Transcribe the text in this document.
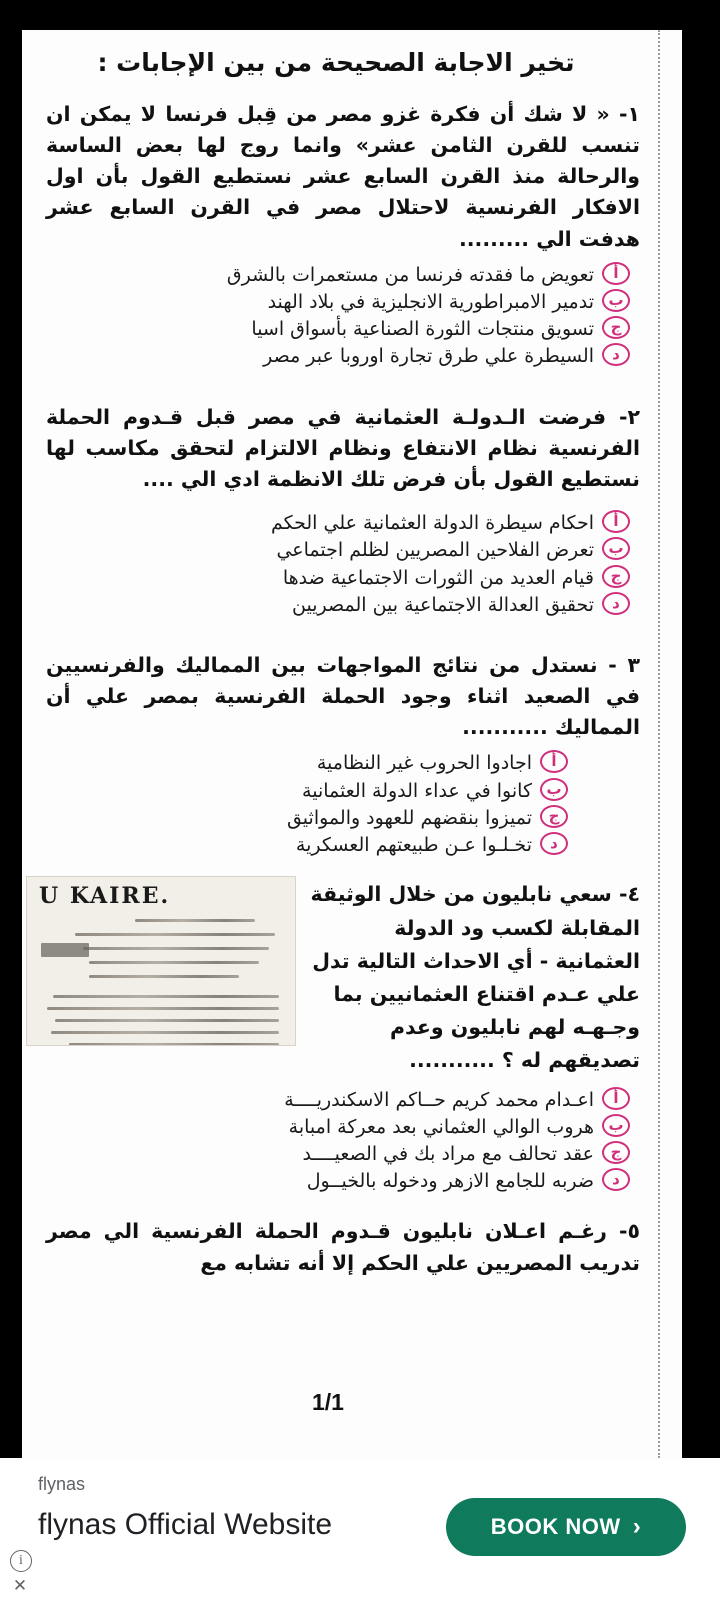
تخير الاجابة الصحيحة من بين الإجابات :

١- « لا شك أن فكرة غزو مصر من قِبل فرنسا لا يمكن ان تنسب للقرن الثامن عشر» وانما روج لها بعض الساسة والرحالة منذ القرن السابع عشر نستطيع القول بأن اول الافكار الفرنسية لاحتلال مصر في القرن السابع عشر هدفت الي .........

أ
تعويض ما فقدته فرنسا من مستعمرات بالشرق
ب
تدمير الامبراطورية الانجليزية في بلاد الهند
ج
تسويق منتجات الثورة الصناعية بأسواق اسيا
د
السيطرة علي طرق تجارة اوروبا عبر مصر

٢- فرضت الـدولـة العثمانية في مصر قبل قـدوم الحملة الفرنسية نظام الانتفاع ونظام الالتزام لتحقق مكاسب لها نستطيع القول بأن فرض تلك الانظمة ادي الي ....

أ
احكام سيطرة الدولة العثمانية علي الحكم
ب
تعرض الفلاحين المصريين لظلم اجتماعي
ج
قيام العديد من الثورات الاجتماعية ضدها
د
تحقيق العدالة الاجتماعية بين المصريين

٣ - نستدل من نتائج المواجهات بين المماليك والفرنسيين في الصعيد اثناء وجود الحملة الفرنسية بمصر علي أن المماليك ...........

أ
اجادوا الحروب غير النظامية
ب
كانوا في عداء الدولة العثمانية
ج
تميزوا بنقضهم للعهود والمواثيق
د
تخـلـوا عـن طبيعتهم العسكرية
٤- سعي نابليون من خلال الوثيقة المقابلة لكسب ود الدولة العثمانية - أي الاحداث التالية تدل علي عـدم اقتناع العثمانيين بما وجـهـه لهم نابليون وعدم تصديقهم له ؟ ...........
U KAIRE.
أ
اعـدام محمد كريم حــاكم الاسكندريــــة
ب
هروب الوالي العثماني بعد معركة امبابة
ج
عقد تحالف مع مراد بك في الصعيــــد
د
ضربه للجامع الازهر ودخوله بالخيــول

٥- رغـم اعـلان نابليون قـدوم الحملة الفرنسية الي مصر تدريب المصريين علي الحكم إلا أنه تشابه مع

1/1
flynas
flynas Official Website	BOOK NOW ›
i
✕
